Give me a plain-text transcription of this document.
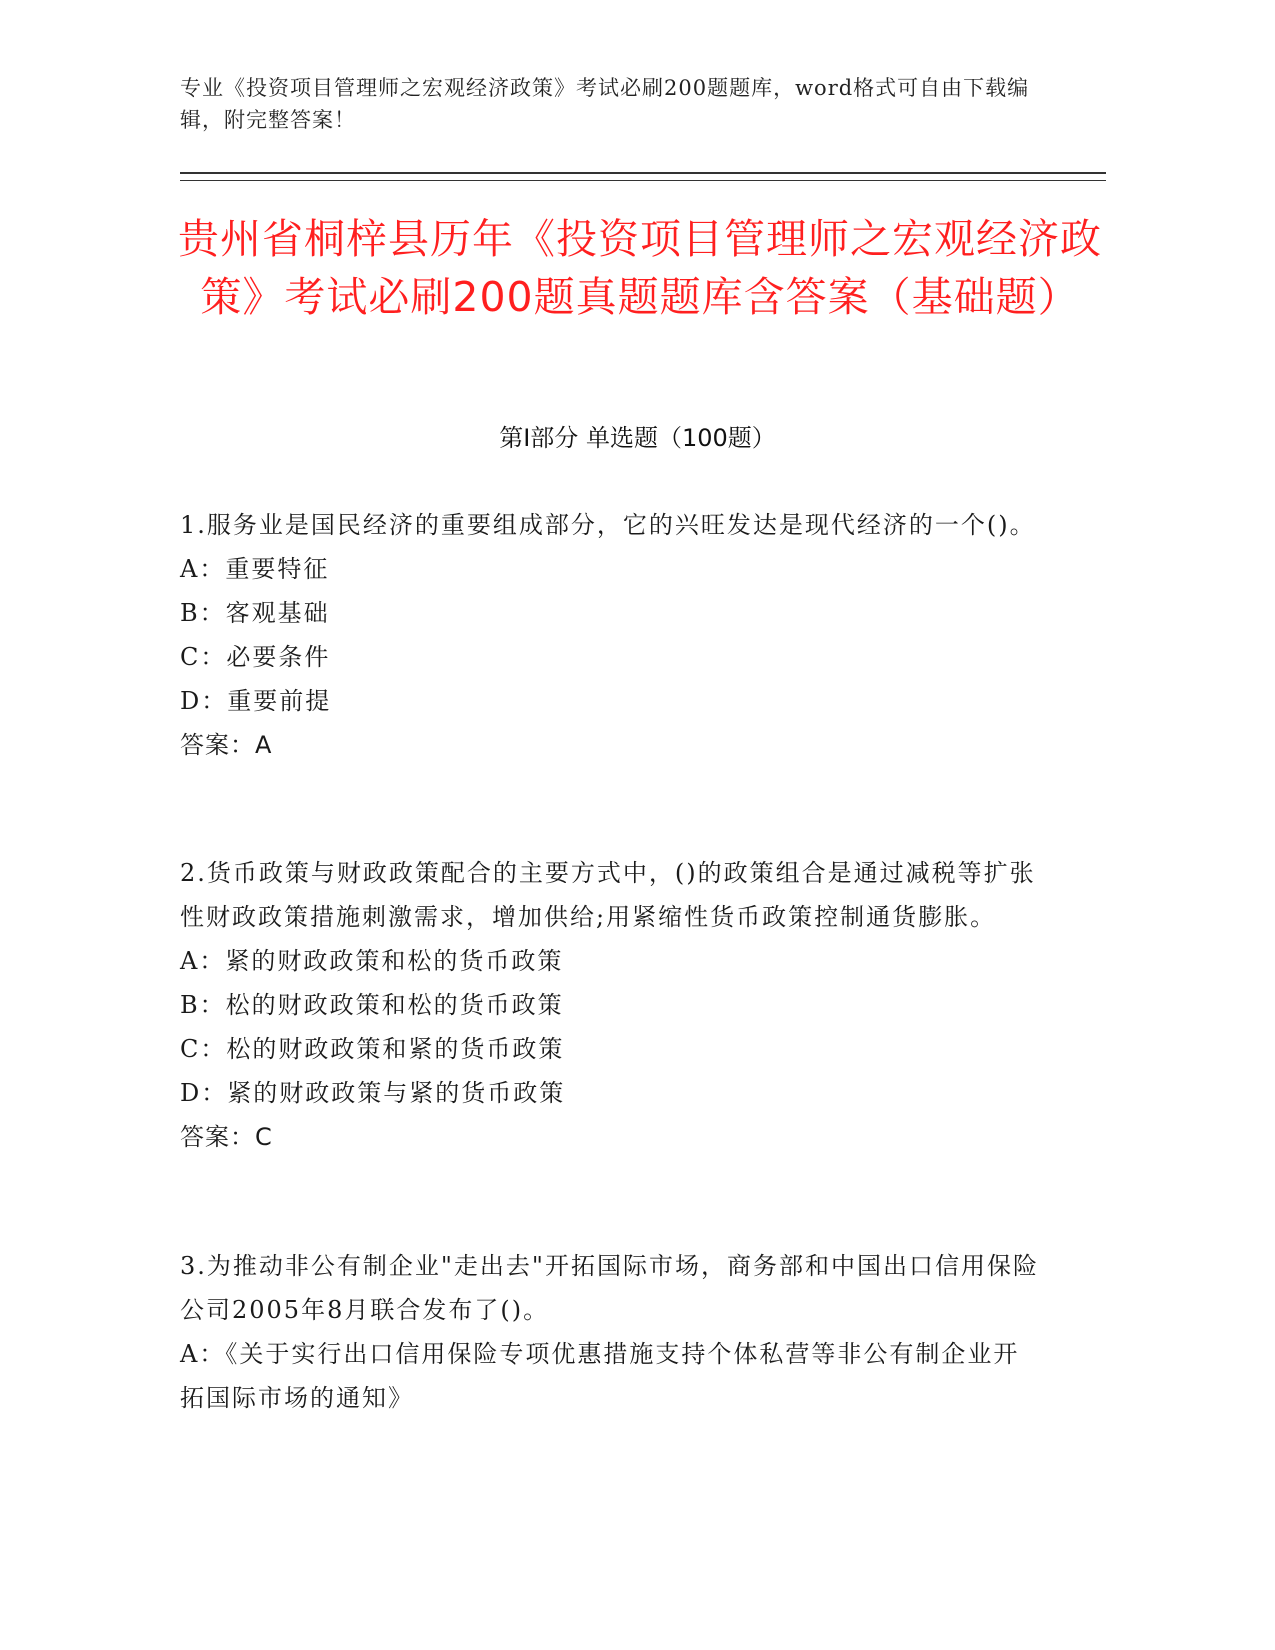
专业《投资项目管理师之宏观经济政策》考试必刷200题题库，word格式可自由下载编辑，附完整答案！
贵州省桐梓县历年《投资项目管理师之宏观经济政策》考试必刷200题真题题库含答案（基础题）
第Ⅰ部分 单选题（100题）
1.服务业是国民经济的重要组成部分，它的兴旺发达是现代经济的一个()。
A：重要特征
B：客观基础
C：必要条件
D：重要前提
答案：A
2.货币政策与财政政策配合的主要方式中，()的政策组合是通过减税等扩张性财政政策措施刺激需求，增加供给;用紧缩性货币政策控制通货膨胀。
A：紧的财政政策和松的货币政策
B：松的财政政策和松的货币政策
C：松的财政政策和紧的货币政策
D：紧的财政政策与紧的货币政策
答案：C
3.为推动非公有制企业"走出去"开拓国际市场，商务部和中国出口信用保险公司2005年8月联合发布了()。
A：《关于实行出口信用保险专项优惠措施支持个体私营等非公有制企业开拓国际市场的通知》
